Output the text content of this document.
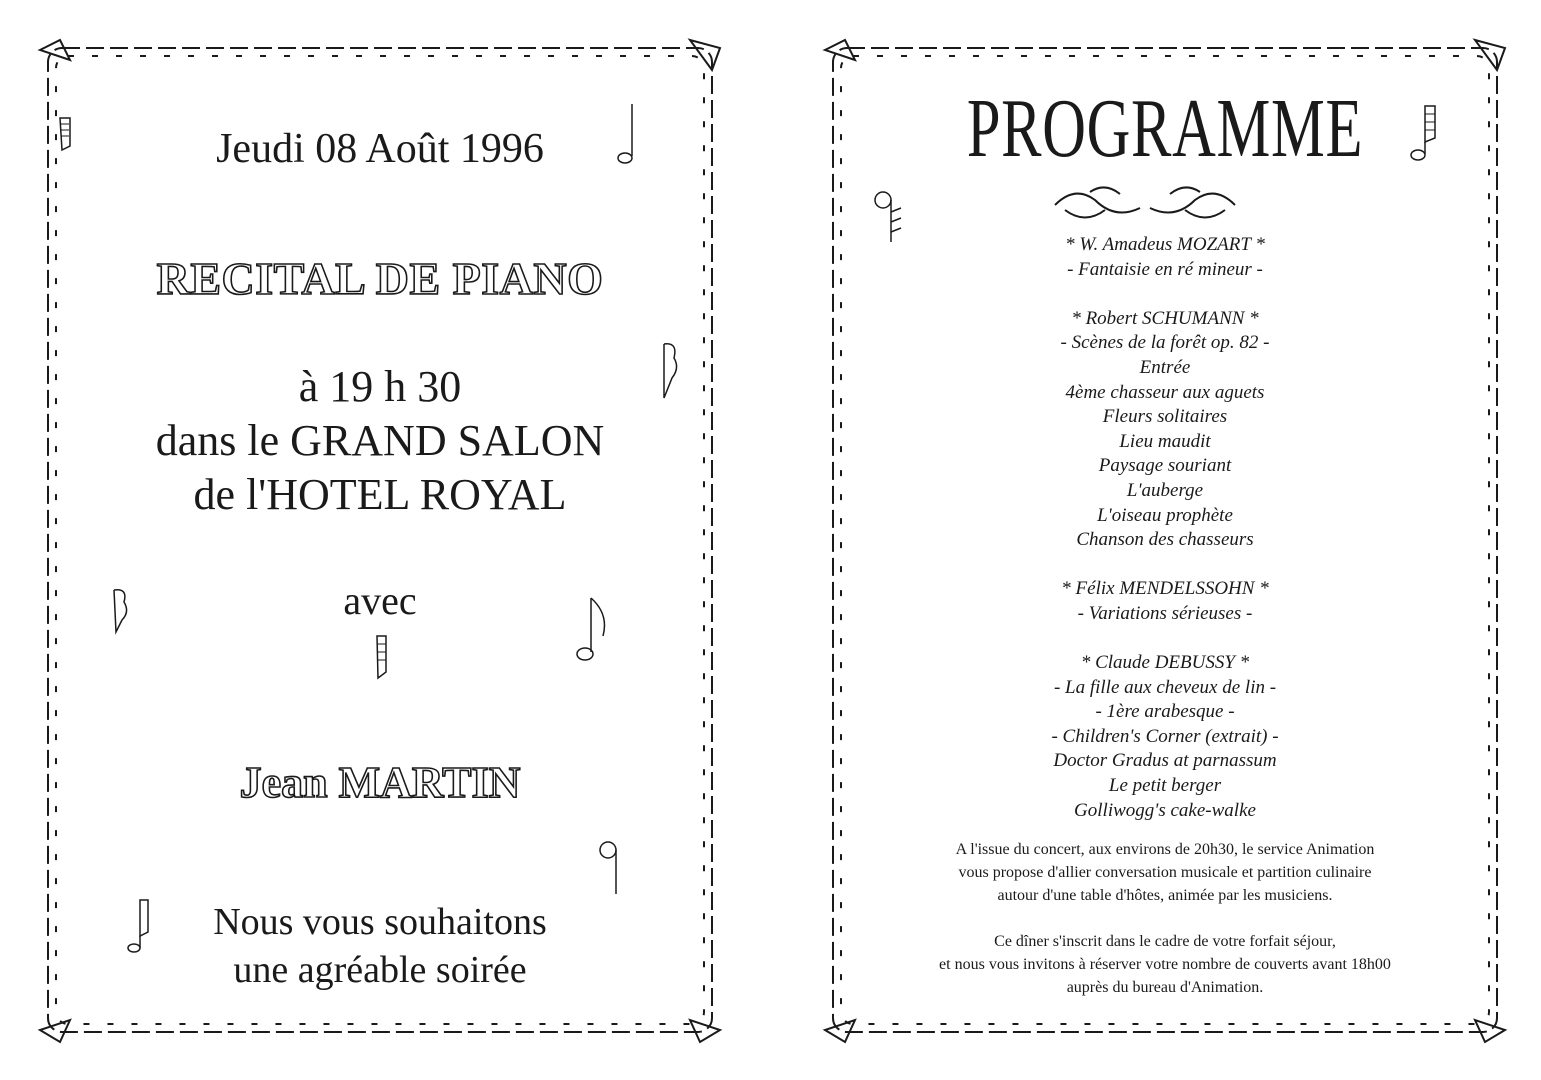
Jeudi 08 Août 1996
RECITAL DE PIANO
à 19 h 30
dans le GRAND SALON
de l'HOTEL ROYAL
avec
Jean MARTIN
Nous vous souhaitons
une agréable soirée
PROGRAMME
* W. Amadeus MOZART *
- Fantaisie en ré mineur -
* Robert SCHUMANN *
- Scènes de la forêt op. 82 -
Entrée
4ème chasseur aux aguets
Fleurs solitaires
Lieu maudit
Paysage souriant
L'auberge
L'oiseau prophète
Chanson des chasseurs
* Félix MENDELSSOHN *
- Variations sérieuses -
* Claude DEBUSSY *
- La fille aux cheveux de lin -
- 1ère arabesque -
- Children's Corner (extrait) -
Doctor Gradus at parnassum
Le petit berger
Golliwogg's cake-walke

A l'issue du concert, aux environs de 20h30, le service Animation

vous propose d'allier conversation musicale et partition culinaire

autour d'une table d'hôtes, animée par les musiciens.

Ce dîner s'inscrit dans le cadre de votre forfait séjour,

et nous vous invitons à réserver votre nombre de couverts avant 18h00

auprès du bureau d'Animation.
